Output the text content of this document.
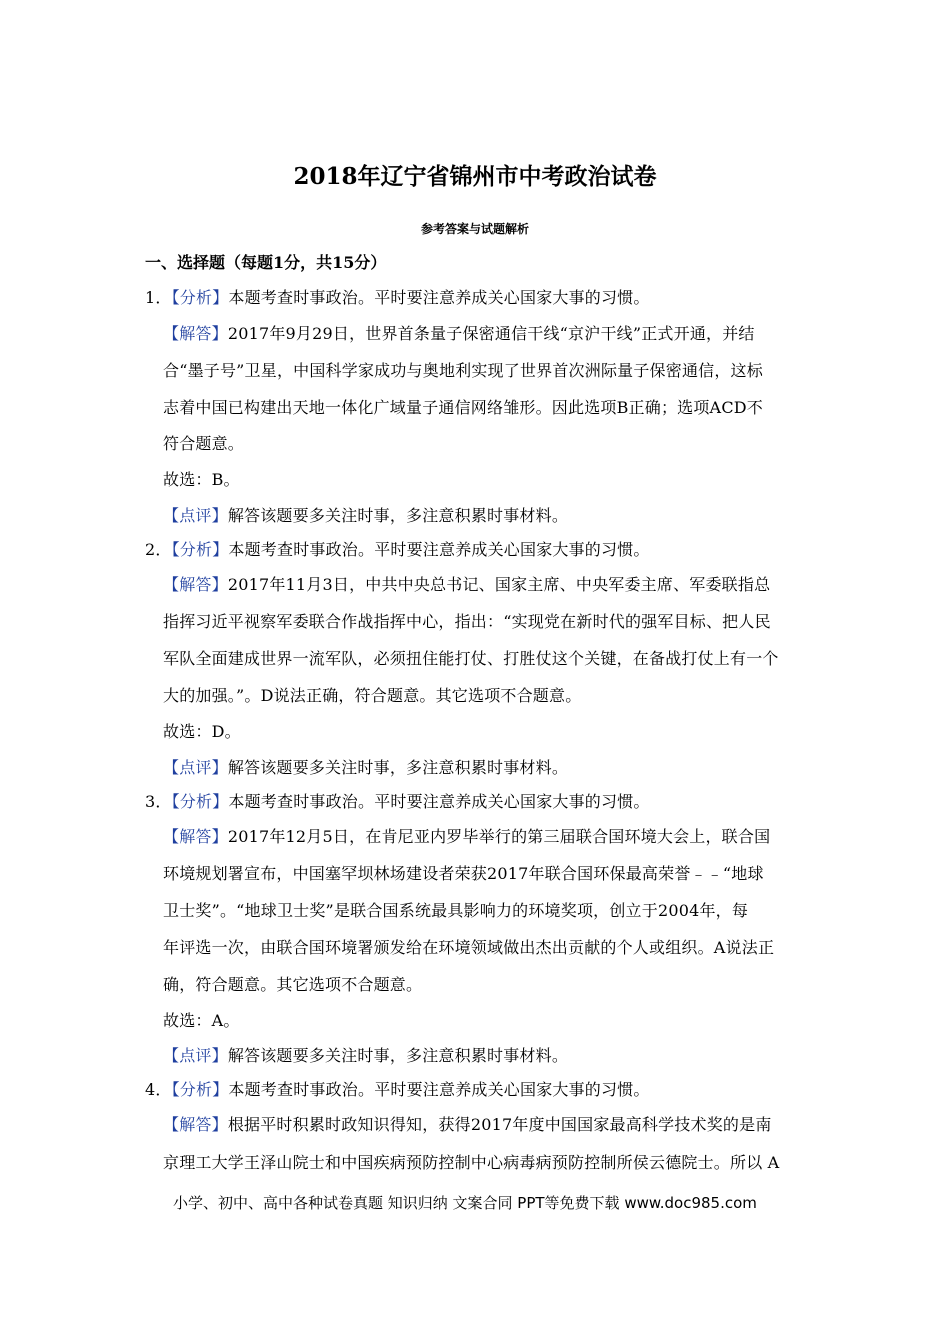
2018年辽宁省锦州市中考政治试卷
参考答案与试题解析
一、选择题（每题1分，共15分）
1．【分析】本题考查时事政治。平时要注意养成关心国家大事的习惯。
【解答】2017年9月29日，世界首条量子保密通信干线“京沪干线”正式开通，并结
合“墨子号”卫星，中国科学家成功与奥地利实现了世界首次洲际量子保密通信，这标
志着中国已构建出天地一体化广域量子通信网络雏形。因此选项B正确；选项ACD不
符合题意。
故选：B。
【点评】解答该题要多关注时事，多注意积累时事材料。
2．【分析】本题考查时事政治。平时要注意养成关心国家大事的习惯。
【解答】2017年11月3日，中共中央总书记、国家主席、中央军委主席、军委联指总
指挥习近平视察军委联合作战指挥中心，指出：“实现党在新时代的强军目标、把人民
军队全面建成世界一流军队，必须扭住能打仗、打胜仗这个关键，在备战打仗上有一个
大的加强。”。D说法正确，符合题意。其它选项不合题意。
故选：D。
【点评】解答该题要多关注时事，多注意积累时事材料。
3．【分析】本题考查时事政治。平时要注意养成关心国家大事的习惯。
【解答】2017年12月5日，在肯尼亚内罗毕举行的第三届联合国环境大会上，联合国
环境规划署宣布，中国塞罕坝林场建设者荣获2017年联合国环保最高荣誉﹣﹣“地球
卫士奖”。“地球卫士奖”是联合国系统最具影响力的环境奖项，创立于2004年，每
年评选一次，由联合国环境署颁发给在环境领域做出杰出贡献的个人或组织。A说法正
确，符合题意。其它选项不合题意。
故选：A。
【点评】解答该题要多关注时事，多注意积累时事材料。
4．【分析】本题考查时事政治。平时要注意养成关心国家大事的习惯。
【解答】根据平时积累时政知识得知，获得2017年度中国国家最高科学技术奖的是南
京理工大学王泽山院士和中国疾病预防控制中心病毒病预防控制所侯云德院士。所以 A
小学、初中、高中各种试卷真题 知识归纳 文案合同 PPT等免费下载 www.doc985.com
